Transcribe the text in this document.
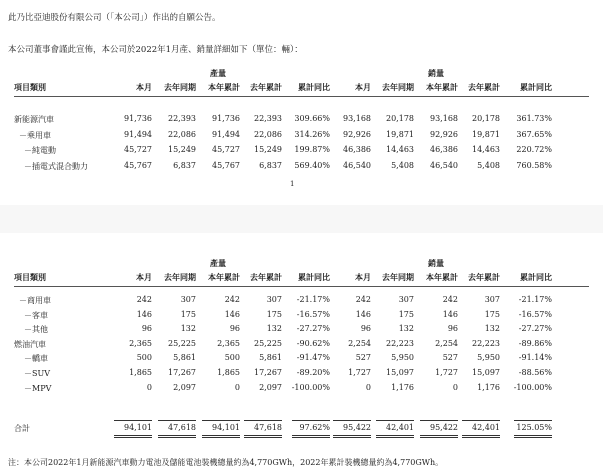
此乃比亞迪股份有限公司（「本公司」）作出的自願公告。
本公司董事會謹此宣佈，本公司於2022年1月產、銷量詳細如下（單位：輛）：
產量	銷量
項目類別	本月	去年同期	本年累計	去年累計	累計同比	本月	去年同期	本年累計	去年累計	累計同比
新能源汽車	91,736	22,393	91,736	22,393	309.66%	93,168	20,178	93,168	20,178	361.73%
－乘用車	91,494	22,086	91,494	22,086	314.26%	92,926	19,871	92,926	19,871	367.65%
－純電動	45,727	15,249	45,727	15,249	199.87%	46,386	14,463	46,386	14,463	220.72%
－插電式混合動力	45,767	6,837	45,767	6,837	569.40%	46,540	5,408	46,540	5,408	760.58%
1
產量	銷量
項目類別	本月	去年同期	本年累計	去年累計	累計同比	本月	去年同期	本年累計	去年累計	累計同比
－商用車	242	307	242	307	-21.17%	242	307	242	307	-21.17%
－客車	146	175	146	175	-16.57%	146	175	146	175	-16.57%
－其他	96	132	96	132	-27.27%	96	132	96	132	-27.27%
燃油汽車	2,365	25,225	2,365	25,225	-90.62%	2,254	22,223	2,254	22,223	-89.86%
－轎車	500	5,861	500	5,861	-91.47%	527	5,950	527	5,950	-91.14%
－SUV	1,865	17,267	1,865	17,267	-89.20%	1,727	15,097	1,727	15,097	-88.56%
－MPV	0	2,097	0	2,097	-100.00%	0	1,176	0	1,176	-100.00%
合計	94,101	47,618	94,101	47,618	97.62%	95,422	42,401	95,422	42,401	125.05%
注：本公司2022年1月新能源汽車動力電池及儲能電池裝機總量約為4,770GWh，2022年累計裝機總量約為4,770GWh。
